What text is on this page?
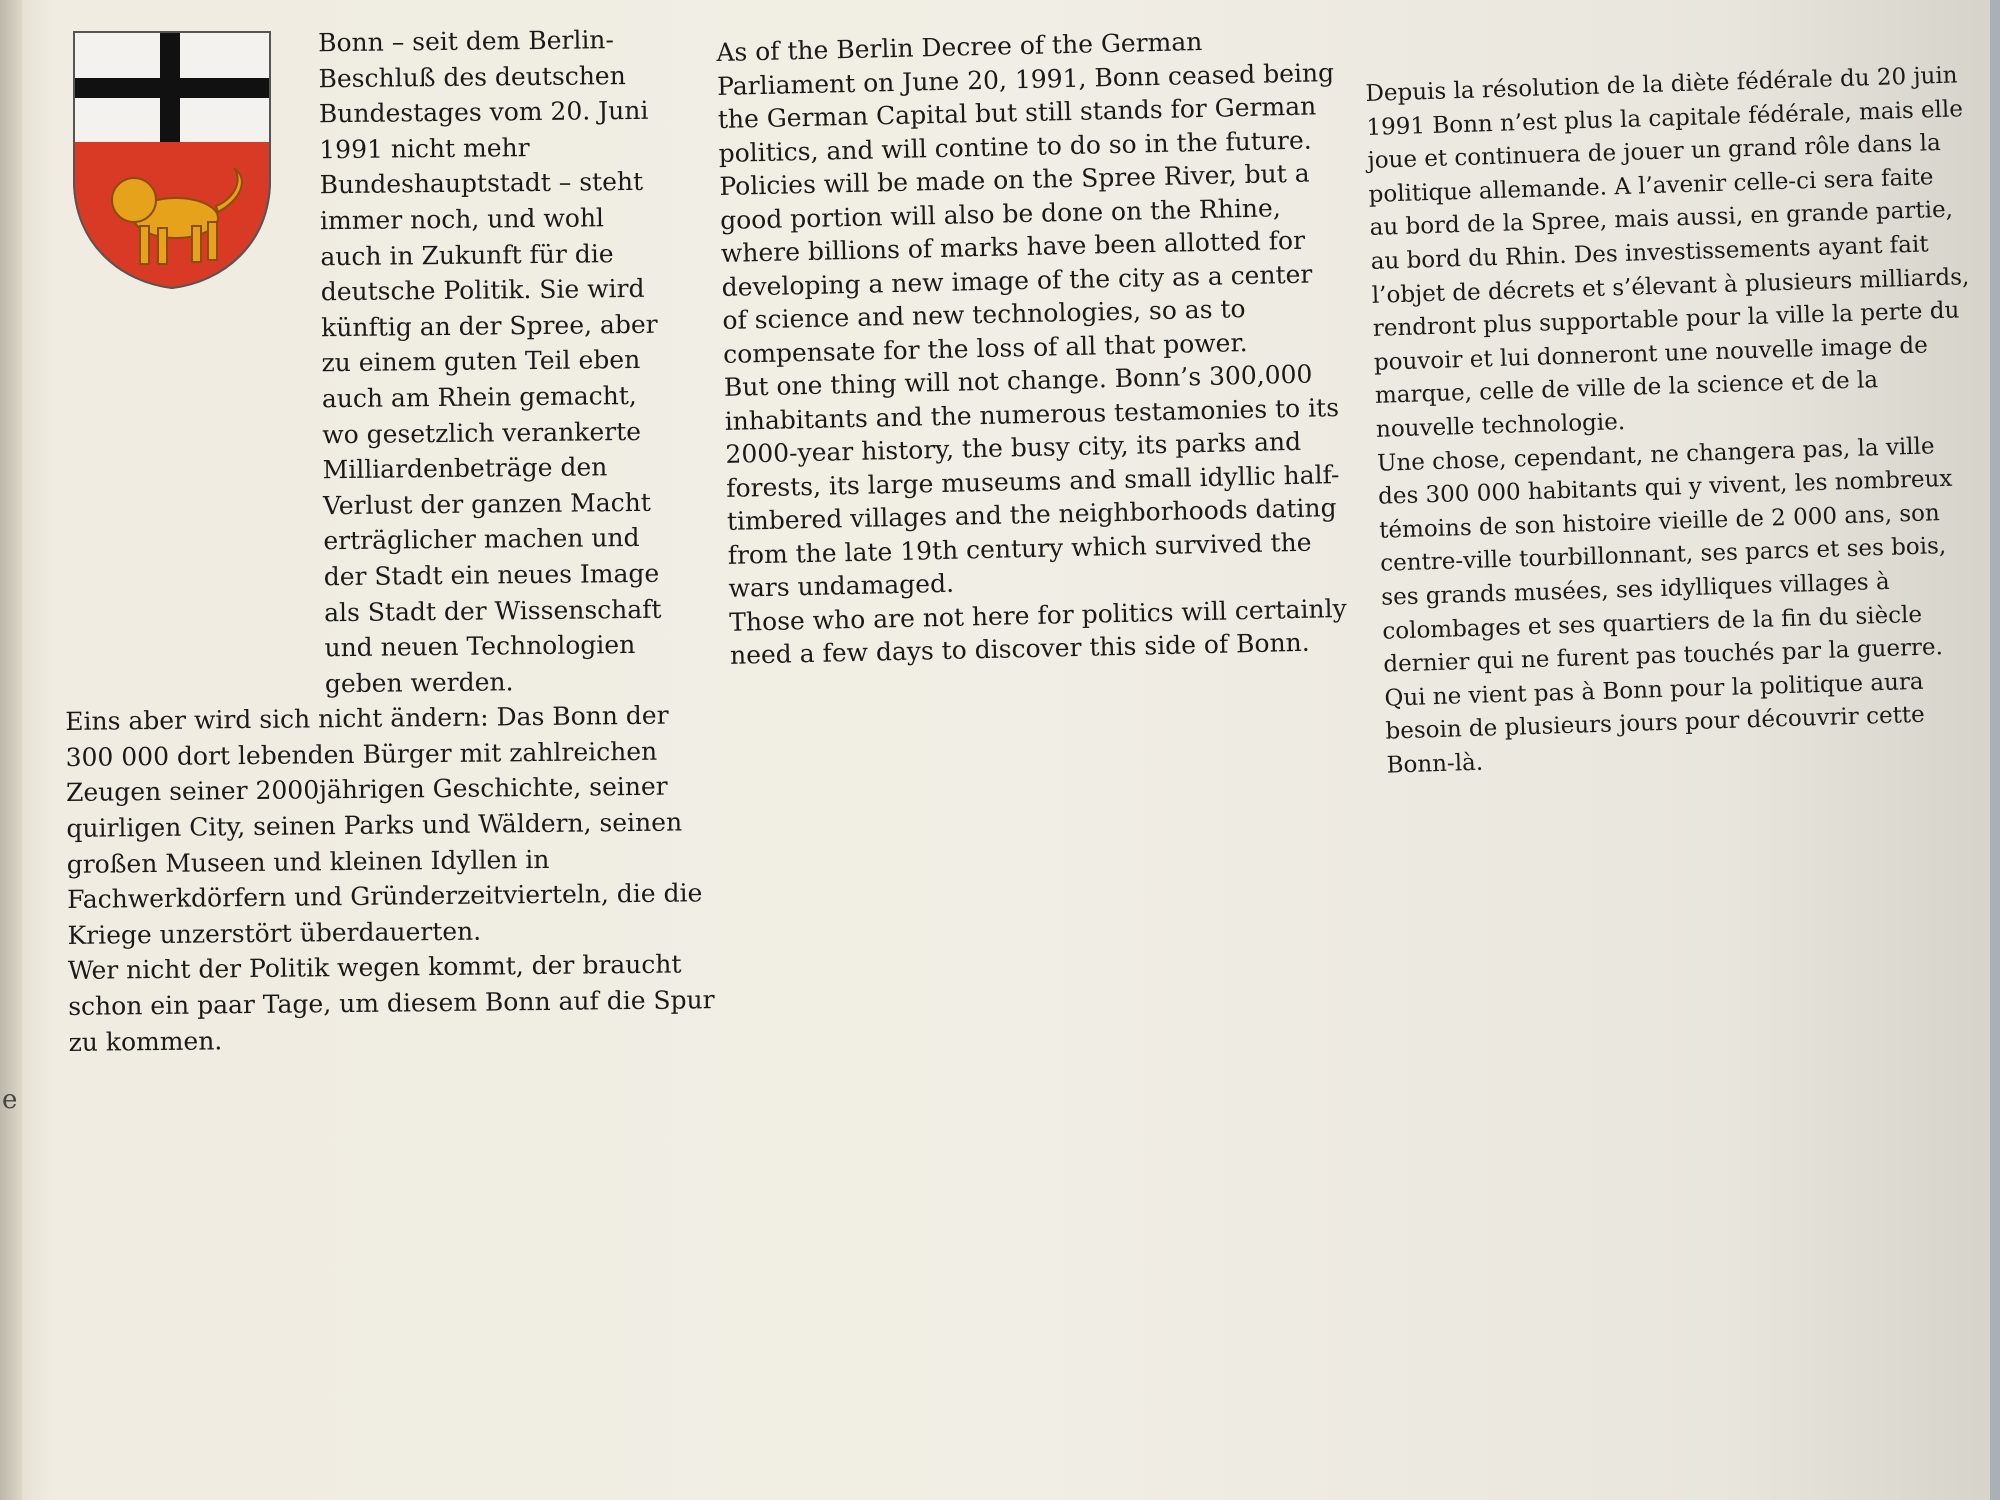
Bonn – seit dem Berlin-Beschluß des deutschen Bundestages vom 20. Juni 1991 nicht mehr Bundeshauptstadt – steht immer noch, und wohl auch in Zukunft für die deutsche Politik. Sie wird künftig an der Spree, aber zu einem guten Teil eben auch am Rhein gemacht, wo gesetzlich verankerte Milliardenbeträge den Verlust der ganzen Macht erträglicher machen und der Stadt ein neues Image als Stadt der Wissenschaft und neuen Technologien geben werden.

Eins aber wird sich nicht ändern: Das Bonn der 300 000 dort lebenden Bürger mit zahlreichen Zeugen seiner 2000jährigen Geschichte, seiner quirligen City, seinen Parks und Wäldern, seinen großen Museen und kleinen Idyllen in Fachwerkdörfern und Gründerzeitvierteln, die die Kriege unzerstört überdauerten.

Wer nicht der Politik wegen kommt, der braucht schon ein paar Tage, um diesem Bonn auf die Spur zu kommen.

As of the Berlin Decree of the German Parliament on June 20, 1991, Bonn ceased being the German Capital but still stands for German politics, and will contine to do so in the future. Policies will be made on the Spree River, but a good portion will also be done on the Rhine, where billions of marks have been allotted for developing a new image of the city as a center of science and new technologies, so as to compensate for the loss of all that power.

But one thing will not change. Bonn’s 300,000 inhabitants and the numerous testamonies to its 2000-year history, the busy city, its parks and forests, its large museums and small idyllic half-timbered villages and the neighborhoods dating from the late 19th century which survived the wars undamaged.

Those who are not here for politics will certainly need a few days to discover this side of Bonn.

Depuis la résolution de la diète fédérale du 20 juin 1991 Bonn n’est plus la capitale fédérale, mais elle joue et continuera de jouer un grand rôle dans la politique allemande. A l’avenir celle-ci sera faite au bord de la Spree, mais aussi, en grande partie, au bord du Rhin. Des investissements ayant fait l’objet de décrets et s’élevant à plusieurs milliards, rendront plus supportable pour la ville la perte du pouvoir et lui donneront une nouvelle image de marque, celle de ville de la science et de la nouvelle technologie.

Une chose, cependant, ne changera pas, la ville des 300 000 habitants qui y vivent, les nombreux témoins de son histoire vieille de 2 000 ans, son centre-ville tourbillonnant, ses parcs et ses bois, ses grands musées, ses idylliques villages à colombages et ses quartiers de la fin du siècle dernier qui ne furent pas touchés par la guerre.

Qui ne vient pas à Bonn pour la politique aura besoin de plusieurs jours pour découvrir cette Bonn-là.

e
